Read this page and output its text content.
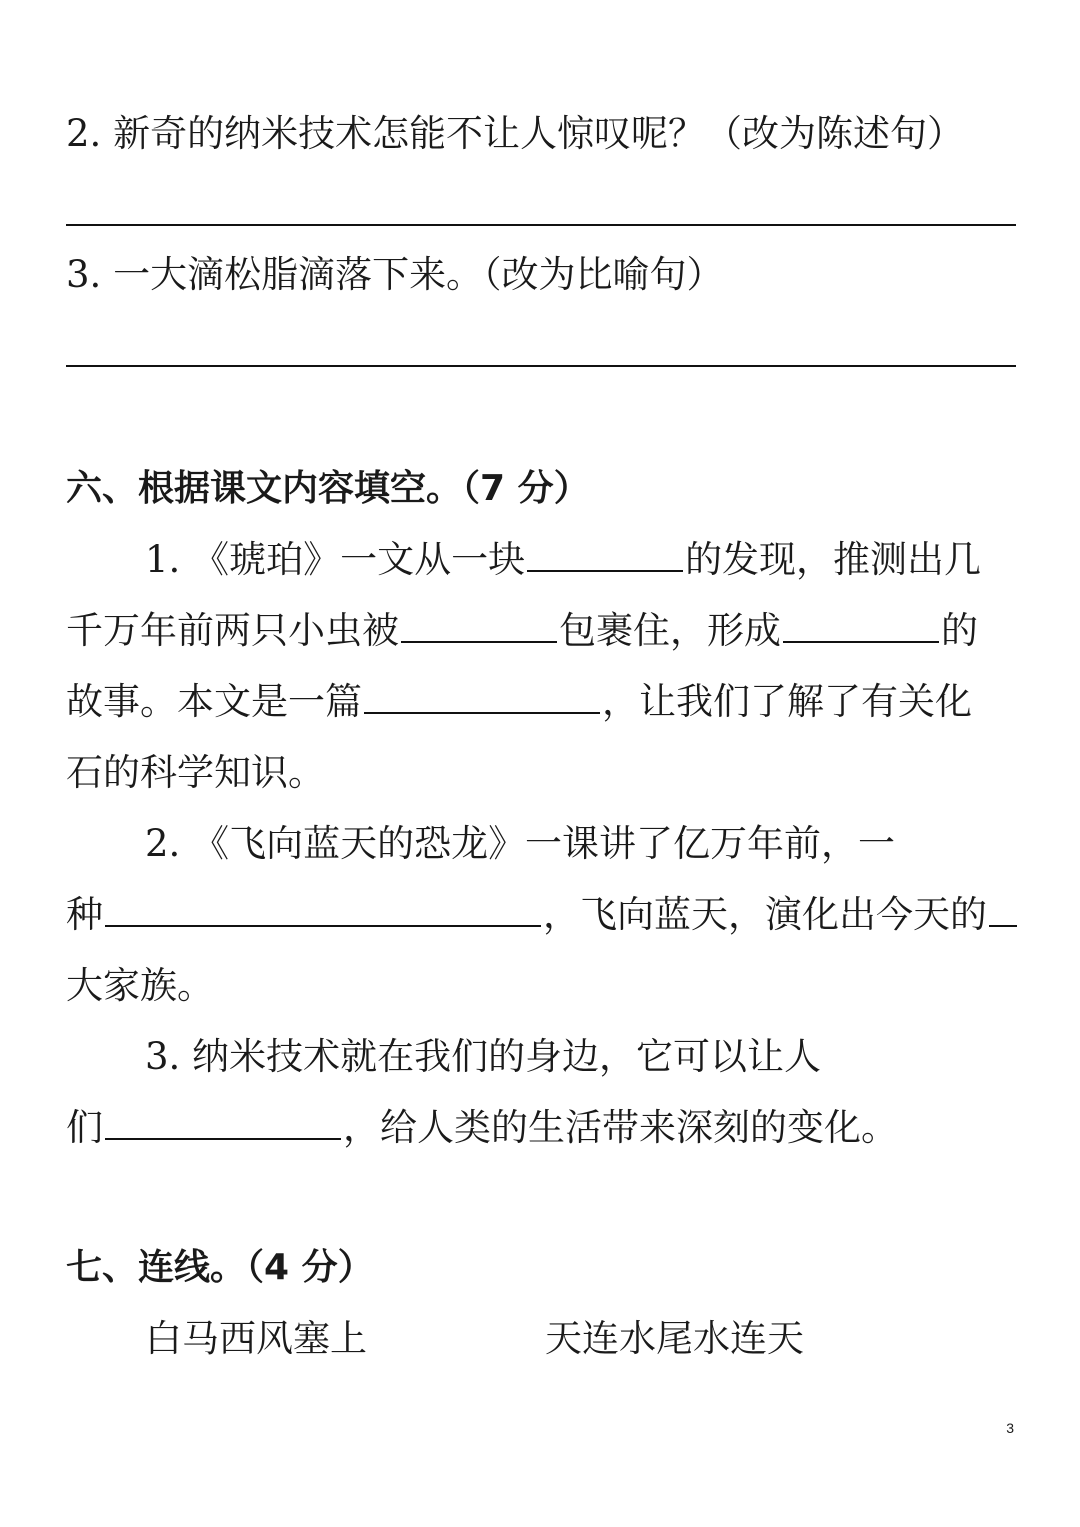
2. 新奇的纳米技术怎能不让人惊叹呢？（改为陈述句）
3. 一大滴松脂滴落下来。（改为比喻句）
六、根据课文内容填空。（7 分）
1. 《琥珀》一文从一块	的发现，推测出几
千万年前两只小虫被	包裹住，形成	的
故事。本文是一篇	，让我们了解了有关化
石的科学知识。
2. 《飞向蓝天的恐龙》一课讲了亿万年前，一
种	，飞向蓝天，演化出今天的
大家族。
3. 纳米技术就在我们的身边，它可以让人
们	，给人类的生活带来深刻的变化。
七、连线。（4 分）
白马西风塞上	天连水尾水连天
3
